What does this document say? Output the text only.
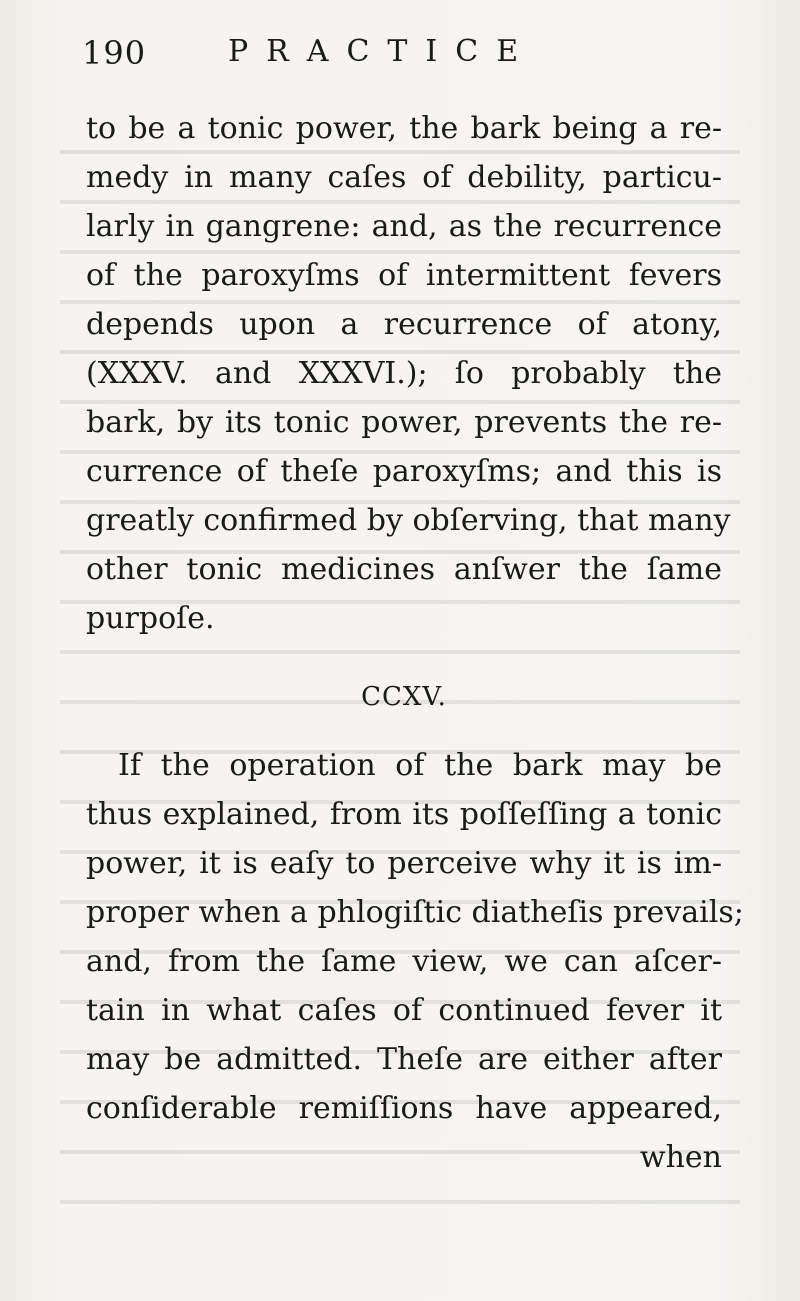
190	PRACTICE
to be a tonic power, the bark being a re-
medy in many caſes of debility, particu-
larly in gangrene: and, as the recurrence
of the paroxyſms of intermittent fevers
depends upon a recurrence of atony,
(XXXV. and XXXVI.); ſo probably the
bark, by its tonic power, prevents the re-
currence of theſe paroxyſms; and this is
greatly confirmed by obſerving, that many
other tonic medicines anſwer the ſame
purpoſe.
CCXV.
If the operation of the bark may be
thus explained, from its poſſeſſing a tonic
power, it is eaſy to perceive why it is im-
proper when a phlogiſtic diatheſis prevails;
and, from the ſame view, we can aſcer-
tain in what caſes of continued fever it
may be admitted. Theſe are either after
conſiderable remiſſions have appeared,
when
